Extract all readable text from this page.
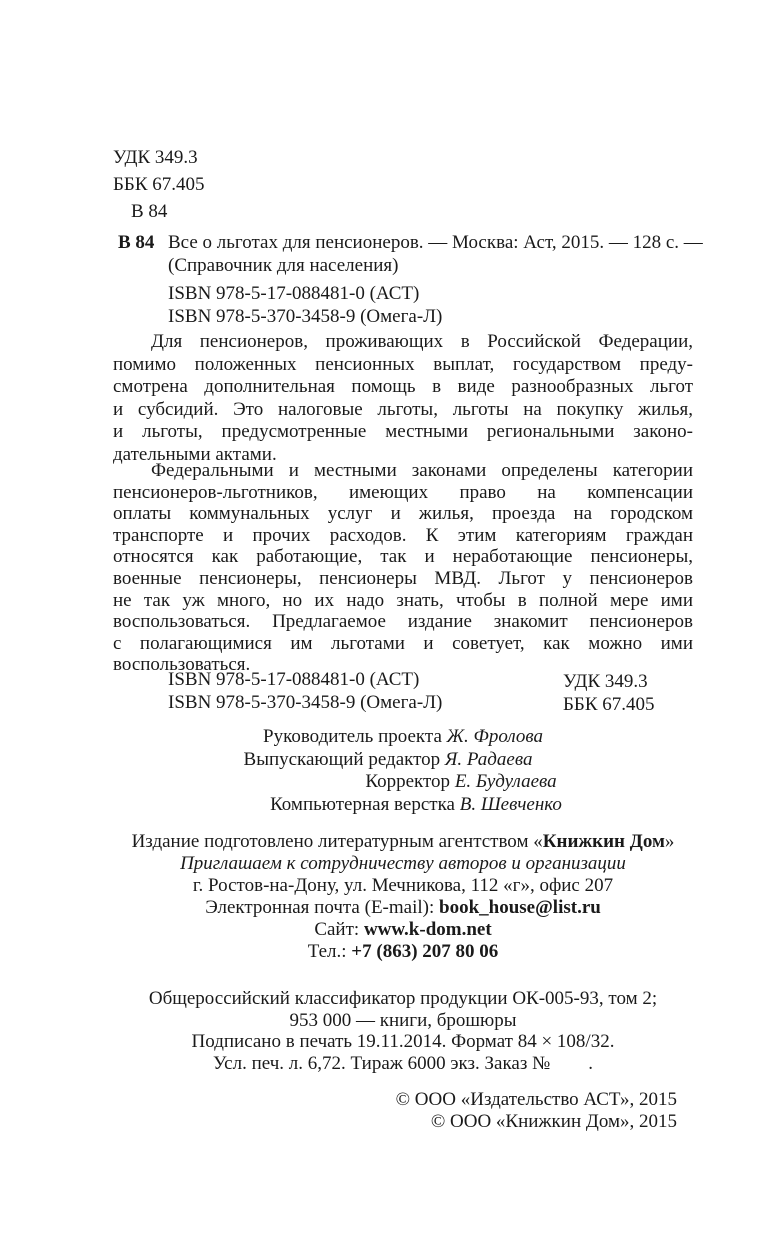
УДК 349.3
ББК 67.405
В 84
В 84 Все о льготах для пенсионеров. — Москва: Аст, 2015. — 128 с. —
(Справочник для населения)
ISBN 978-5-17-088481-0 (АСТ)
ISBN 978-5-370-3458-9 (Омега-Л)
Для пенсионеров, проживающих в Российской Федерации,
помимо положенных пенсионных выплат, государством преду-
смотрена дополнительная помощь в виде разнообразных льгот
и субсидий. Это налоговые льготы, льготы на покупку жилья,
и льготы, предусмотренные местными региональными законо-
дательными актами.
Федеральными и местными законами определены категории
пенсионеров-льготников, имеющих право на компенсации
оплаты коммунальных услуг и жилья, проезда на городском
транспорте и прочих расходов. К этим категориям граждан
относятся как работающие, так и неработающие пенсионеры,
военные пенсионеры, пенсионеры МВД. Льгот у пенсионеров
не так уж много, но их надо знать, чтобы в полной мере ими
воспользоваться. Предлагаемое издание знакомит пенсионеров
с полагающимися им льготами и советует, как можно ими
воспользоваться.
ISBN 978-5-17-088481-0 (АСТ)
ISBN 978-5-370-3458-9 (Омега-Л)
УДК 349.3
ББК 67.405
Руководитель проекта Ж. Фролова
Выпускающий редактор Я. Радаева
Корректор Е. Будулаева
Компьютерная верстка В. Шевченко
Издание подготовлено литературным агентством «Книжкин Дом»
Приглашаем к сотрудничеству авторов и организации
г. Ростов-на-Дону, ул. Мечникова, 112 «г», офис 207
Электронная почта (E-mail): book_house@list.ru
Сайт: www.k-dom.net
Тел.: +7 (863) 207 80 06
Общероссийский классификатор продукции ОК-005-93, том 2;
953 000 — книги, брошюры
Подписано в печать 19.11.2014. Формат 84 × 108/32.
Усл. печ. л. 6,72. Тираж 6000 экз. Заказ №        .
© ООО «Издательство АСТ», 2015
© ООО «Книжкин Дом», 2015
